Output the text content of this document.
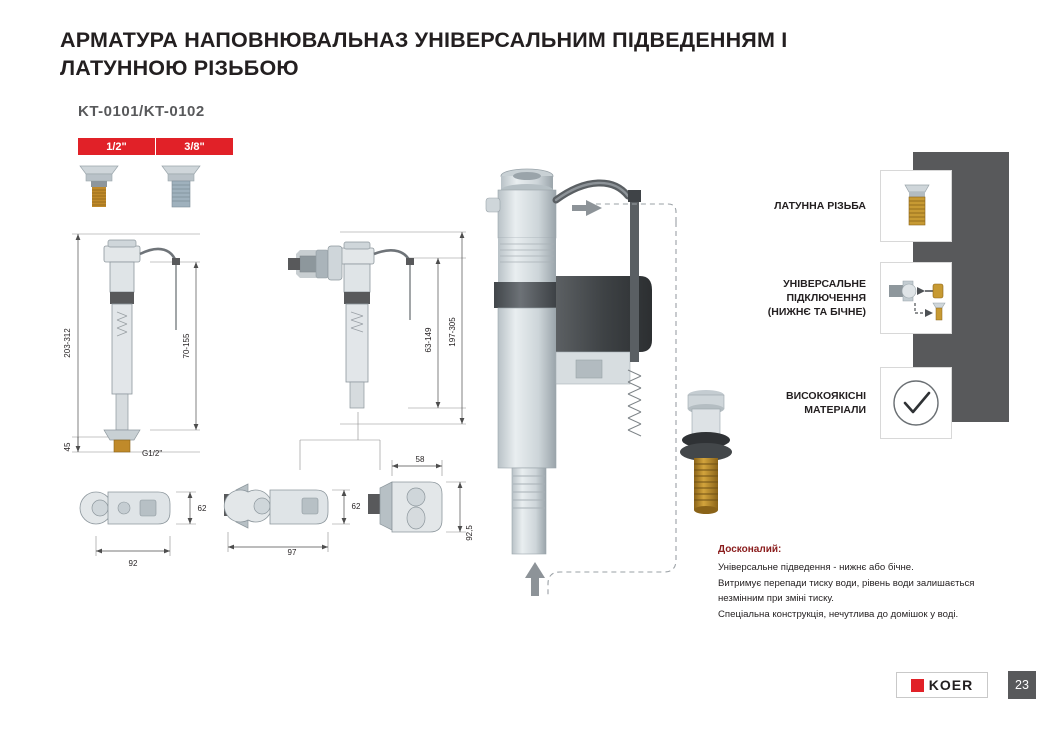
АРМАТУРА НАПОВНЮВАЛЬНАЗ УНІВЕРСАЛЬНИМ ПІДВЕДЕННЯМ І ЛАТУННОЮ РІЗЬБОЮ
KT-0101/KT-0102
1/2"	3/8"
203-312	70-155
45
G1/2"
63-149 197-305
92
62
97
62
58
92,5
ЛАТУННА РІЗЬБА
УНІВЕРСАЛЬНЕ ПІДКЛЮЧЕННЯ (НИЖНЄ ТА БІЧНЕ)
ВИСОКОЯКІСНІ МАТЕРІАЛИ
Досконалий:

Універсальне підведення - нижнє або бічне.

Витримує перепади тиску води, рівень води залишається

незмінним при зміні тиску.

Спеціальна конструкція, нечутлива до домішок у воді.

KOER	23
